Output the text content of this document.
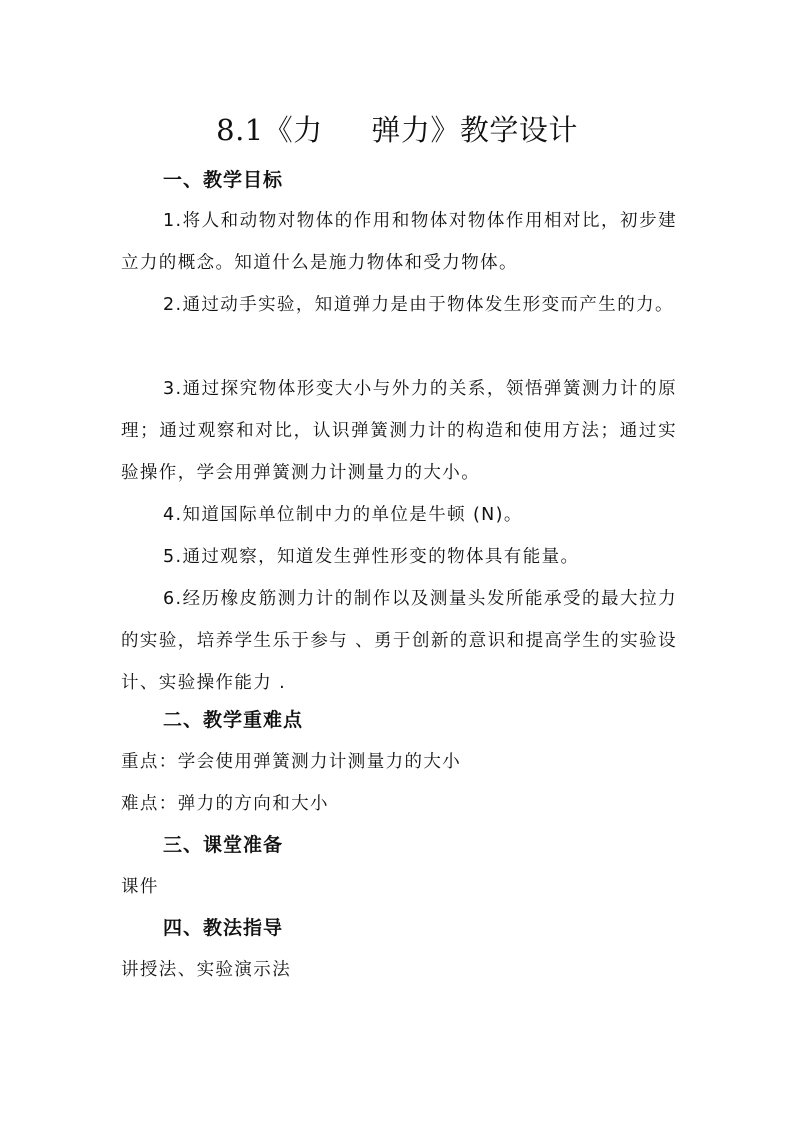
8.1《力     弹力》教学设计
一、教学目标
1.将人和动物对物体的作用和物体对物体作用相对比，初步建立力的概念。知道什么是施力物体和受力物体。
2.通过动手实验，知道弹力是由于物体发生形变而产生的力。
3.通过探究物体形变大小与外力的关系，领悟弹簧测力计的原理；通过观察和对比，认识弹簧测力计的构造和使用方法；通过实验操作，学会用弹簧测力计测量力的大小。
4.知道国际单位制中力的单位是牛顿 (N)。
5.通过观察，知道发生弹性形变的物体具有能量。
6.经历橡皮筋测力计的制作以及测量头发所能承受的最大拉力的实验，培养学生乐于参与 、勇于创新的意识和提高学生的实验设计、实验操作能力 .
二、教学重难点
重点：学会使用弹簧测力计测量力的大小
难点：弹力的方向和大小
三、课堂准备
课件
四、教法指导
讲授法、实验演示法
